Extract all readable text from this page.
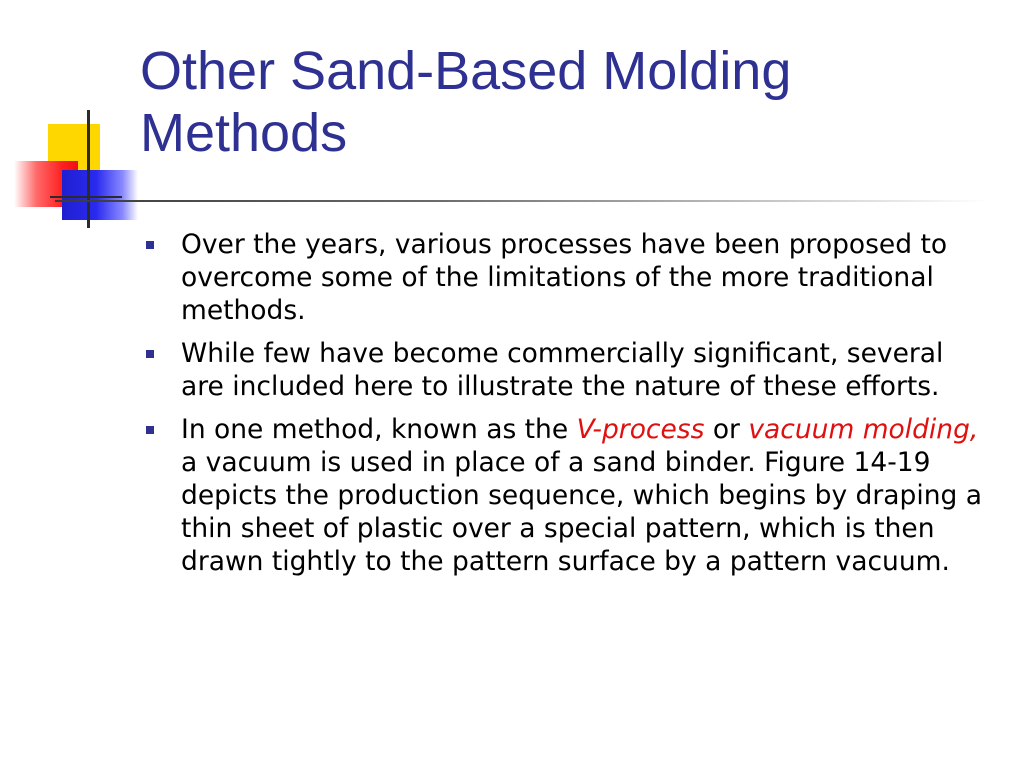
Other Sand-Based Molding Methods
Over the years, various processes have been proposed to overcome some of the limitations of the more traditional methods.
While few have become commercially significant, several are included here to illustrate the nature of these efforts.
In one method, known as the V-process or vacuum molding, a vacuum is used in place of a sand binder. Figure 14-19 depicts the production sequence, which begins by draping a thin sheet of plastic over a special pattern, which is then drawn tightly to the pattern surface by a pattern vacuum.
